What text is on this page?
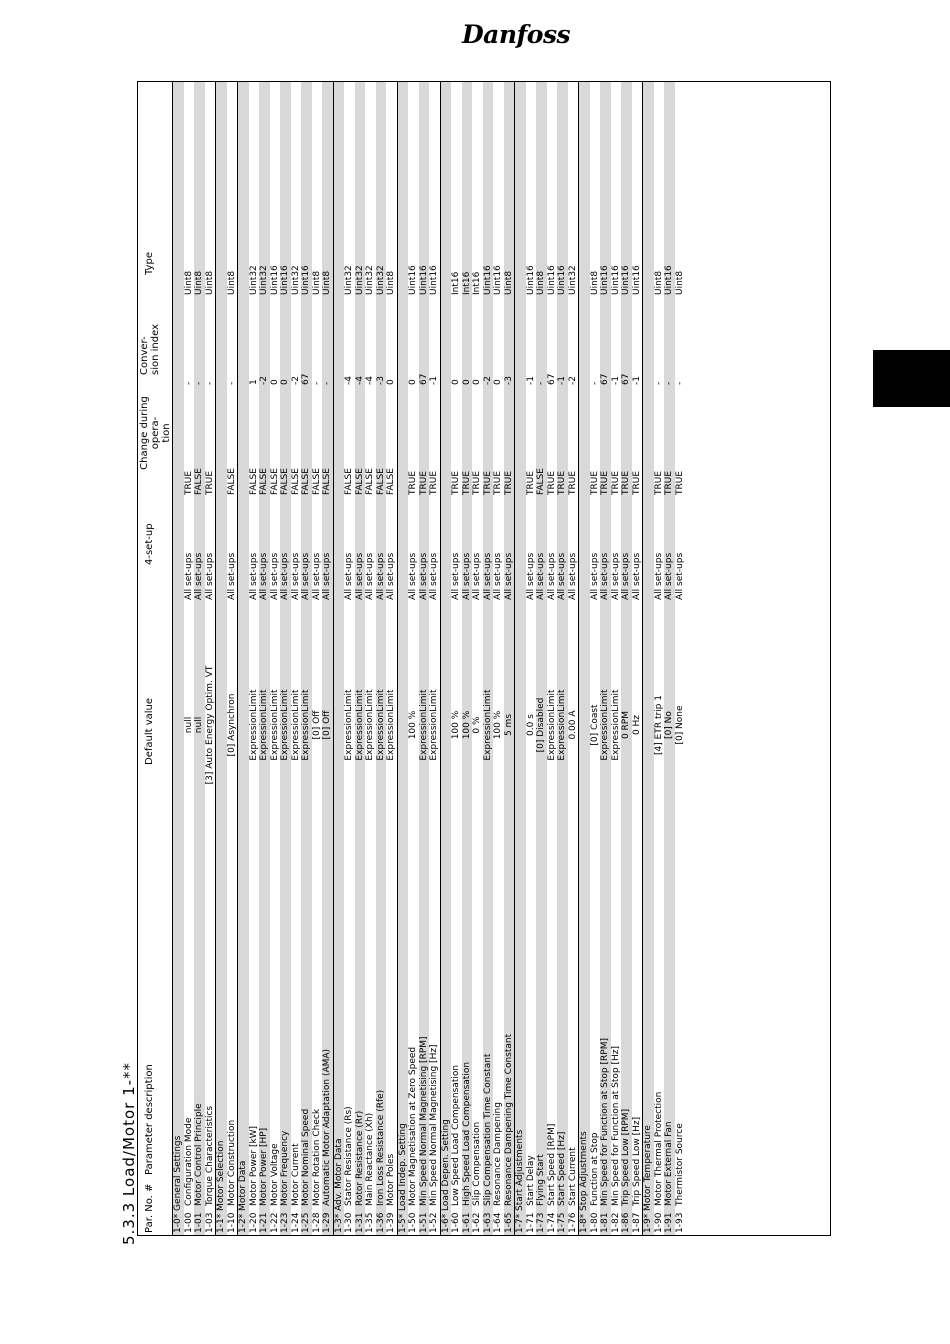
Danfoss
5.3.3 Load/Motor 1-** Par. No. #
Parameter description
Default value
4-set-up
Change during opera- tion
Conver- sion index
Type
1-0* General Settings 1-00
Configuration Mode
null
All set-ups
TRUE
-
Uint8
1-01
Motor Control Principle
null
All set-ups
FALSE
-
Uint8
1-03
Torque Characteristics
[3] Auto Energy Optim. VT
All set-ups
TRUE
-
Uint8
1-1* Motor Selection 1-10
Motor Construction
[0] Asynchron
All set-ups
FALSE
-
Uint8
1-2* Motor Data 1-20
Motor Power [kW]
ExpressionLimit
All set-ups
FALSE
1
Uint32
1-21
Motor Power [HP]
ExpressionLimit
All set-ups
FALSE
-2
Uint32
1-22
Motor Voltage
ExpressionLimit
All set-ups
FALSE
0
Uint16
1-23
Motor Frequency
ExpressionLimit
All set-ups
FALSE
0
Uint16
1-24
Motor Current
ExpressionLimit
All set-ups
FALSE
-2
Uint32
1-25
Motor Nominal Speed
ExpressionLimit
All set-ups
FALSE
67
Uint16
1-28
Motor Rotation Check
[0] Off
All set-ups
FALSE
-
Uint8
1-29
Automatic Motor Adaptation (AMA)
[0] Off
All set-ups
FALSE
-
Uint8
1-3* Adv. Motor Data 1-30
Stator Resistance (Rs)
ExpressionLimit
All set-ups
FALSE
-4
Uint32
1-31
Rotor Resistance (Rr)
ExpressionLimit
All set-ups
FALSE
-4
Uint32
1-35
Main Reactance (Xh)
ExpressionLimit
All set-ups
FALSE
-4
Uint32
1-36
Iron Loss Resistance (Rfe)
ExpressionLimit
All set-ups
FALSE
-3
Uint32
1-39
Motor Poles
ExpressionLimit
All set-ups
FALSE
0
Uint8
1-5* Load Indep. Setting 1-50
Motor Magnetisation at Zero Speed
100 %
All set-ups
TRUE
0
Uint16
1-51
Min Speed Normal Magnetising [RPM]
ExpressionLimit
All set-ups
TRUE
67
Uint16
1-52
Min Speed Normal Magnetising [Hz]
ExpressionLimit
All set-ups
TRUE
-1
Uint16
1-6* Load Depen. Setting 1-60
Low Speed Load Compensation
100 %
All set-ups
TRUE
0
Int16
1-61
High Speed Load Compensation
100 %
All set-ups
TRUE
0
Int16
1-62
Slip Compensation
0 %
All set-ups
TRUE
0
Int16
1-63
Slip Compensation Time Constant
ExpressionLimit
All set-ups
TRUE
-2
Uint16
1-64
Resonance Dampening
100 %
All set-ups
TRUE
0
Uint16
1-65
Resonance Dampening Time Constant
5 ms
All set-ups
TRUE
-3
Uint8
1-7* Start Adjustments 1-71
Start Delay
0.0 s
All set-ups
TRUE
-1
Uint16
1-73
Flying Start
[0] Disabled
All set-ups
FALSE
-
Uint8
1-74
Start Speed [RPM]
ExpressionLimit
All set-ups
TRUE
67
Uint16
1-75
Start Speed [Hz]
ExpressionLimit
All set-ups
TRUE
-1
Uint16
1-76
Start Current
0.00 A
All set-ups
TRUE
-2
Uint32
1-8* Stop Adjustments 1-80
Function at Stop
[0] Coast
All set-ups
TRUE
-
Uint8
1-81
Min Speed for Function at Stop [RPM]
ExpressionLimit
All set-ups
TRUE
67
Uint16
1-82
Min Speed for Function at Stop [Hz]
ExpressionLimit
All set-ups
TRUE
-1
Uint16
1-86
Trip Speed Low [RPM]
0 RPM
All set-ups
TRUE
67
Uint16
1-87
Trip Speed Low [Hz]
0 Hz
All set-ups
TRUE
-1
Uint16
1-9* Motor Temperature 1-90
Motor Thermal Protection
[4] ETR trip 1
All set-ups
TRUE
-
Uint8
1-91
Motor External Fan
[0] No
All set-ups
TRUE
-
Uint16
1-93
Thermistor Source
[0] None
All set-ups
TRUE
-
Uint8
